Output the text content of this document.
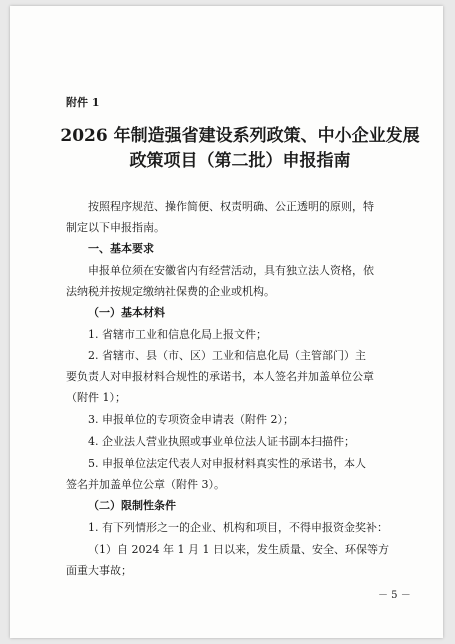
附件 1
2026 年制造强省建设系列政策、中小企业发展
政策项目（第二批）申报指南
按照程序规范、操作简便、权责明确、公正透明的原则，特
制定以下申报指南。
一、基本要求
申报单位须在安徽省内有经营活动，具有独立法人资格，依
法纳税并按规定缴纳社保费的企业或机构。
（一）基本材料
1. 省辖市工业和信息化局上报文件；
2. 省辖市、县（市、区）工业和信息化局（主管部门）主
要负责人对申报材料合规性的承诺书，本人签名并加盖单位公章
（附件 1）；
3. 申报单位的专项资金申请表（附件 2）；
4. 企业法人营业执照或事业单位法人证书副本扫描件；
5. 申报单位法定代表人对申报材料真实性的承诺书，本人
签名并加盖单位公章（附件 3）。
（二）限制性条件
1. 有下列情形之一的企业、机构和项目，不得申报资金奖补：
（1）自 2024 年 1 月 1 日以来，发生质量、安全、环保等方
面重大事故；
－ 5 －
